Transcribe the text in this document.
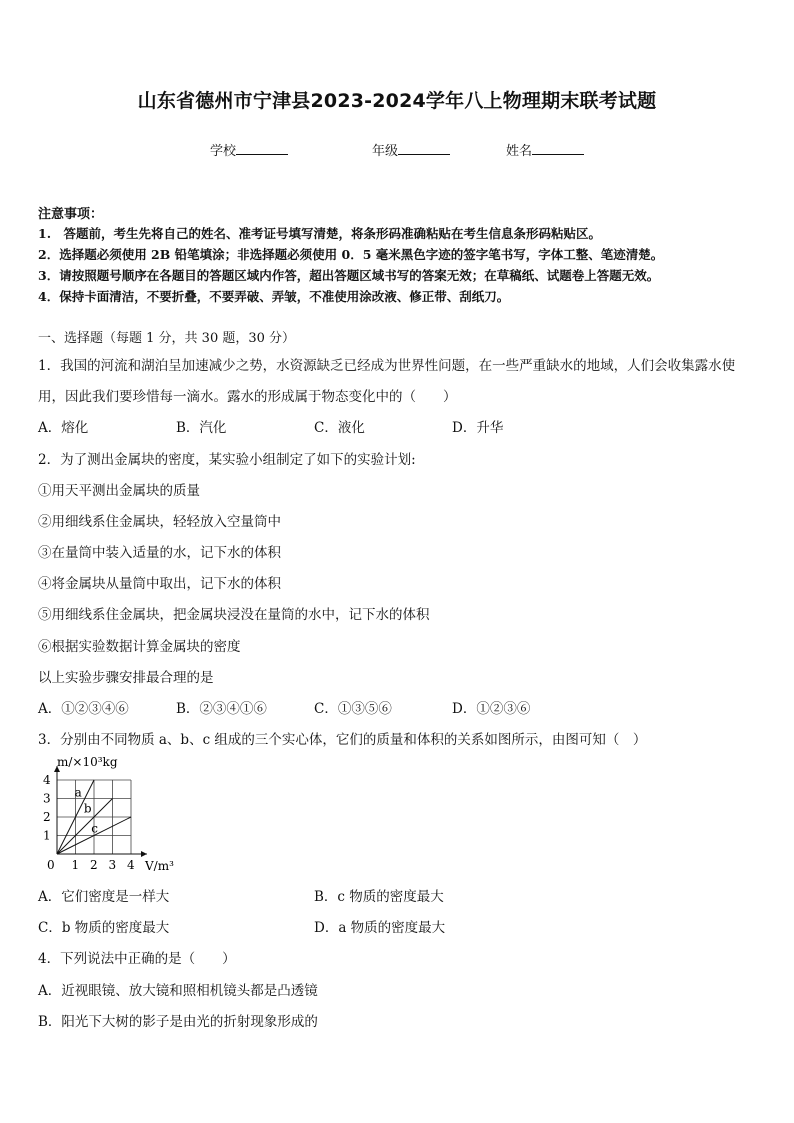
山东省德州市宁津县2023-2024学年八上物理期末联考试题
学校	年级	姓名
注意事项：
1.　答题前，考生先将自己的姓名、准考证号填写清楚，将条形码准确粘贴在考生信息条形码粘贴区。
2．选择题必须使用 2B 铅笔填涂；非选择题必须使用 0．5 毫米黑色字迹的签字笔书写，字体工整、笔迹清楚。
3．请按照题号顺序在各题目的答题区域内作答，超出答题区域书写的答案无效；在草稿纸、试题卷上答题无效。
4．保持卡面清洁，不要折叠，不要弄破、弄皱，不准使用涂改液、修正带、刮纸刀。
一、选择题（每题 1 分，共 30 题，30 分）
1．我国的河流和湖泊呈加速减少之势，水资源缺乏已经成为世界性问题，在一些严重缺水的地域，人们会收集露水使
用，因此我们要珍惜每一滴水。露水的形成属于物态变化中的（　　）
A．熔化	B．汽化	C．液化	D．升华
2．为了测出金属块的密度，某实验小组制定了如下的实验计划:
①用天平测出金属块的质量
②用细线系住金属块，轻轻放入空量筒中
③在量筒中装入适量的水，记下水的体积
④将金属块从量筒中取出，记下水的体积
⑤用细线系住金属块，把金属块浸没在量筒的水中，记下水的体积
⑥根据实验数据计算金属块的密度
以上实验步骤安排最合理的是
A．①②③④⑥	B．②③④①⑥	C．①③⑤⑥	D．①②③⑥
3．分别由不同物质 a、b、c 组成的三个实心体，它们的质量和体积的关系如图所示，由图可知（　）
a
b
c
1 2 3 4
1
2
3
4
0
m/×10³kg
V/m³
A．它们密度是一样大	B．c 物质的密度最大
C．b 物质的密度最大	D．a 物质的密度最大
4．下列说法中正确的是（　　）
A．近视眼镜、放大镜和照相机镜头都是凸透镜
B．阳光下大树的影子是由光的折射现象形成的
